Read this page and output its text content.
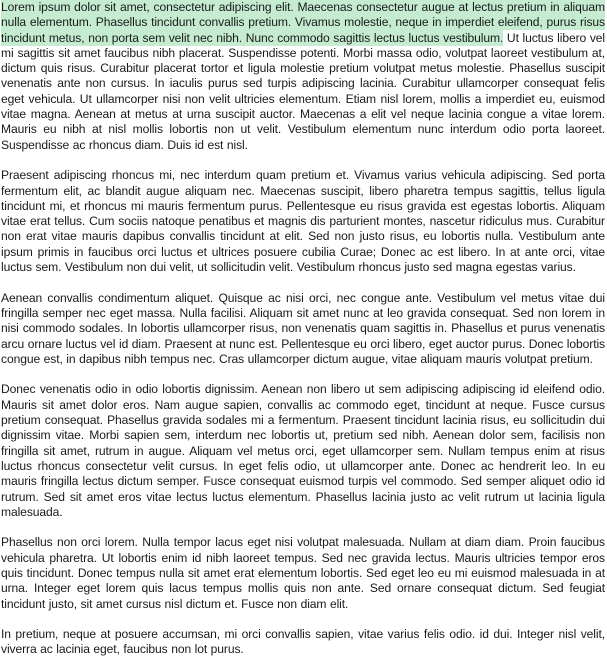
Lorem ipsum dolor sit amet, consectetur adipiscing elit. Maecenas consectetur augue at lectus pretium in aliquam nulla elementum. Phasellus tincidunt convallis pretium. Vivamus molestie, neque in imperdiet eleifend, purus risus tincidunt metus, non porta sem velit nec nibh. Nunc commodo sagittis lectus luctus vestibulum. Ut luctus libero vel mi sagittis sit amet faucibus nibh placerat. Suspendisse potenti. Morbi massa odio, volutpat laoreet vestibulum at, dictum quis risus. Curabitur placerat tortor et ligula molestie pretium volutpat metus molestie. Phasellus suscipit venenatis ante non cursus. In iaculis purus sed turpis adipiscing lacinia. Curabitur ullamcorper consequat felis eget vehicula. Ut ullamcorper nisi non velit ultricies elementum. Etiam nisl lorem, mollis a imperdiet eu, euismod vitae magna. Aenean at metus at urna suscipit auctor. Maecenas a elit vel neque lacinia congue a vitae lorem. Mauris eu nibh at nisl mollis lobortis non ut velit. Vestibulum elementum nunc interdum odio porta laoreet. Suspendisse ac rhoncus diam. Duis id est nisl.

Praesent adipiscing rhoncus mi, nec interdum quam pretium et. Vivamus varius vehicula adipiscing. Sed porta fermentum elit, ac blandit augue aliquam nec. Maecenas suscipit, libero pharetra tempus sagittis, tellus ligula tincidunt mi, et rhoncus mi mauris fermentum purus. Pellentesque eu risus gravida est egestas lobortis. Aliquam vitae erat tellus. Cum sociis natoque penatibus et magnis dis parturient montes, nascetur ridiculus mus. Curabitur non erat vitae mauris dapibus convallis tincidunt at elit. Sed non justo risus, eu lobortis nulla. Vestibulum ante ipsum primis in faucibus orci luctus et ultrices posuere cubilia Curae; Donec ac est libero. In at ante orci, vitae luctus sem. Vestibulum non dui velit, ut sollicitudin velit. Vestibulum rhoncus justo sed magna egestas varius.

Aenean convallis condimentum aliquet. Quisque ac nisi orci, nec congue ante. Vestibulum vel metus vitae dui fringilla semper nec eget massa. Nulla facilisi. Aliquam sit amet nunc at leo gravida consequat. Sed non lorem in nisi commodo sodales. In lobortis ullamcorper risus, non venenatis quam sagittis in. Phasellus et purus venenatis arcu ornare luctus vel id diam. Praesent at nunc est. Pellentesque eu orci libero, eget auctor purus. Donec lobortis congue est, in dapibus nibh tempus nec. Cras ullamcorper dictum augue, vitae aliquam mauris volutpat pretium.

Donec venenatis odio in odio lobortis dignissim. Aenean non libero ut sem adipiscing adipiscing id eleifend odio. Mauris sit amet dolor eros. Nam augue sapien, convallis ac commodo eget, tincidunt at neque. Fusce cursus pretium consequat. Phasellus gravida sodales mi a fermentum. Praesent tincidunt lacinia risus, eu sollicitudin dui dignissim vitae. Morbi sapien sem, interdum nec lobortis ut, pretium sed nibh. Aenean dolor sem, facilisis non fringilla sit amet, rutrum in augue. Aliquam vel metus orci, eget ullamcorper sem. Nullam tempus enim at risus luctus rhoncus consectetur velit cursus. In eget felis odio, ut ullamcorper ante. Donec ac hendrerit leo. In eu mauris fringilla lectus dictum semper. Fusce consequat euismod turpis vel commodo. Sed semper aliquet odio id rutrum. Sed sit amet eros vitae lectus luctus elementum. Phasellus lacinia justo ac velit rutrum ut lacinia ligula malesuada.

Phasellus non orci lorem. Nulla tempor lacus eget nisi volutpat malesuada. Nullam at diam diam. Proin faucibus vehicula pharetra. Ut lobortis enim id nibh laoreet tempus. Sed nec gravida lectus. Mauris ultricies tempor eros quis tincidunt. Donec tempus nulla sit amet erat elementum lobortis. Sed eget leo eu mi euismod malesuada in at urna. Integer eget lorem quis lacus tempus mollis quis non ante. Sed ornare consequat dictum. Sed feugiat tincidunt justo, sit amet cursus nisl dictum et. Fusce non diam elit.

In pretium, neque at posuere accumsan, mi orci convallis sapien, vitae varius felis odio. id dui. Integer nisl velit, viverra ac lacinia eget, faucibus non lot purus.
